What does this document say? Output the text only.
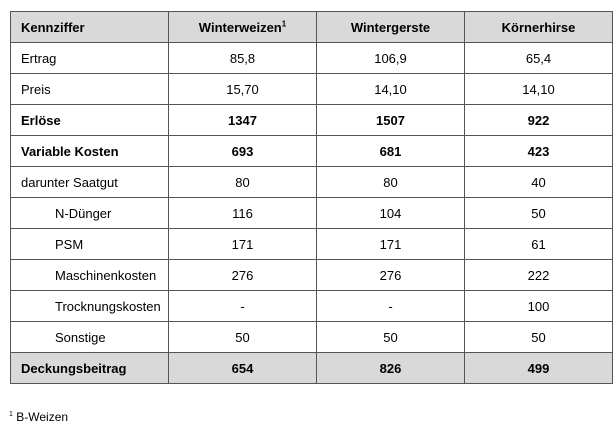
Kennziffer	Winterweizen$^1$	Wintergerste	Körnerhirse
Ertrag	85,8	106,9	65,4
Preis	15,70	14,10	14,10
Erlöse	1347	1507	922
Variable Kosten	693	681	423
darunter Saatgut	80	80	40
N-Dünger	116	104	50
PSM	171	171	61
Maschinenkosten	276	276	222
Trocknungskosten	-	-	100
Sonstige	50	50	50
Deckungsbeitrag	654	826	499
$^1$ B-Weizen
